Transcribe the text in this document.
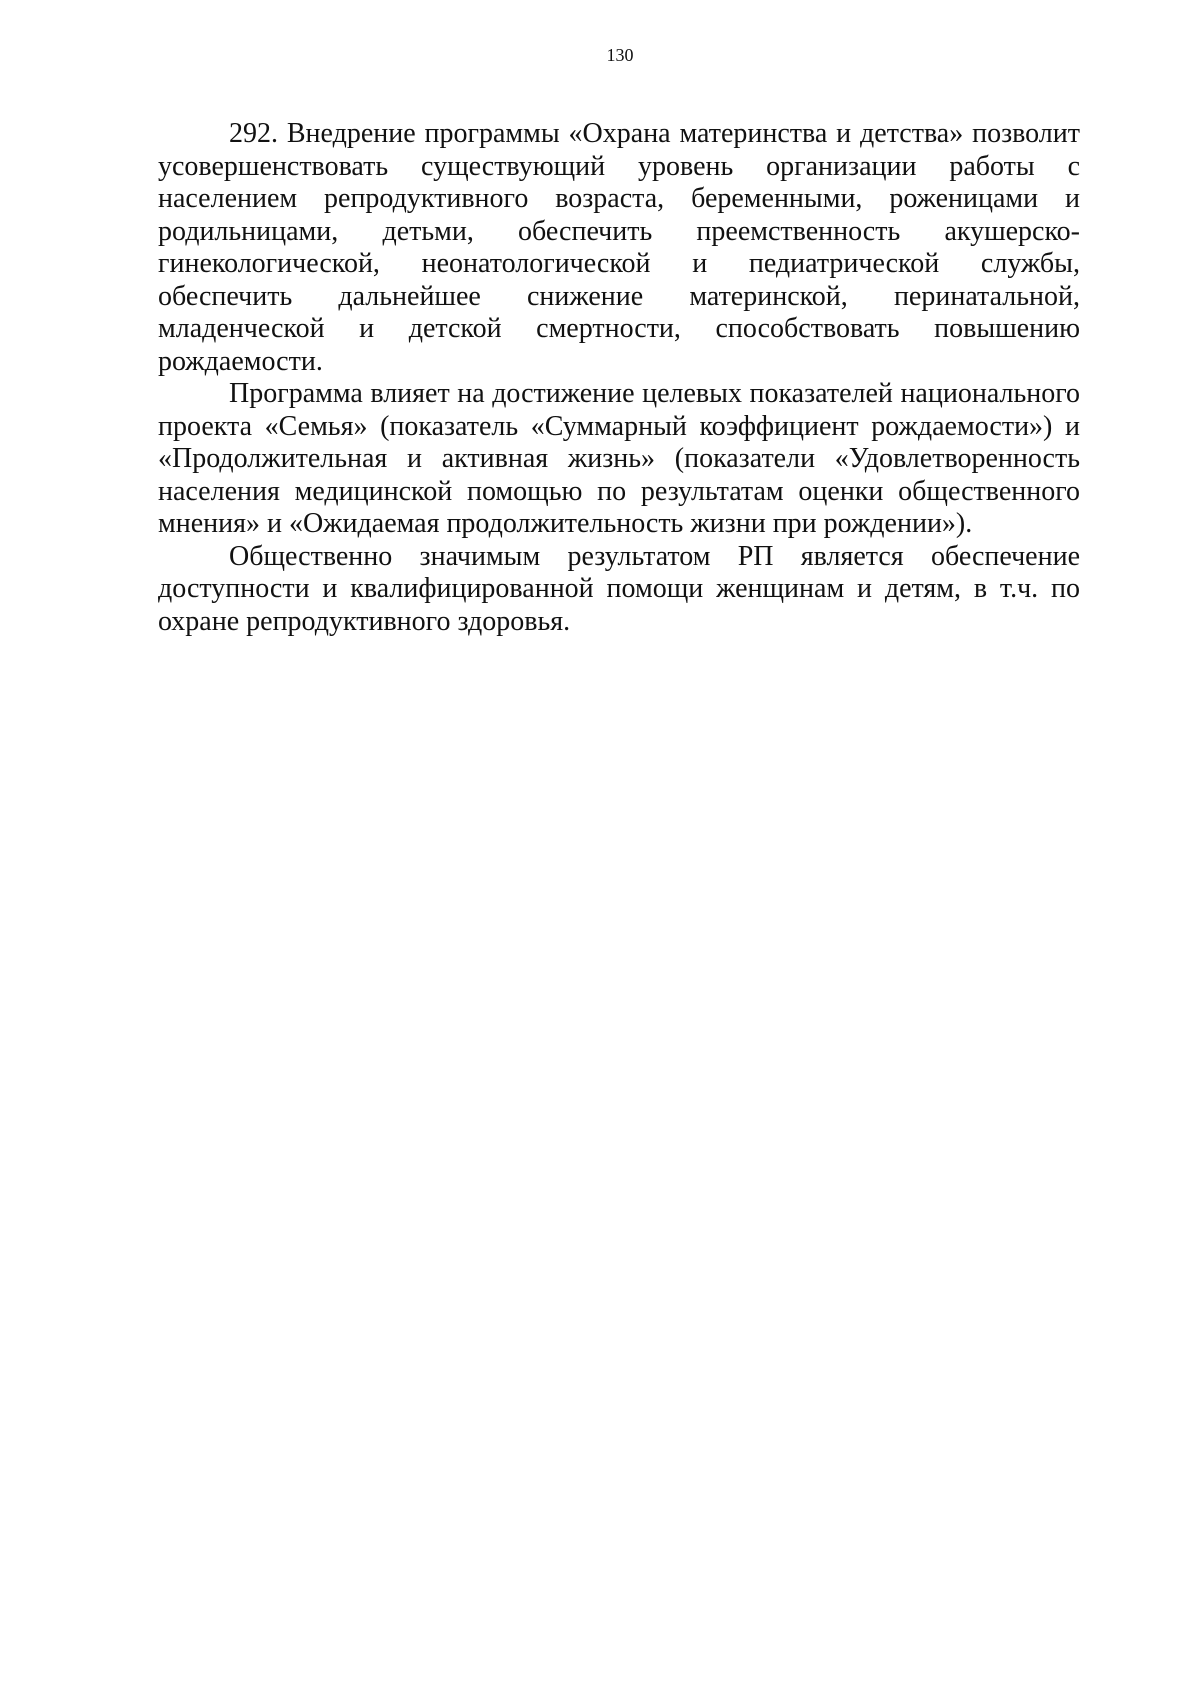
130

292. Внедрение программы «Охрана материнства и детства» позволит усовершенствовать существующий уровень организации работы с населением репродуктивного возраста, беременными, роженицами и родильницами, детьми, обеспечить преемственность акушерско-гинекологической, неонатологической и педиатрической службы, обеспечить дальнейшее снижение материнской, перинатальной, младенческой и детской смертности, способствовать повышению рождаемости.

Программа влияет на достижение целевых показателей национального проекта «Семья» (показатель «Суммарный коэффициент рождаемости») и «Продолжительная и активная жизнь» (показатели «Удовлетворенность населения медицинской помощью по результатам оценки общественного мнения» и «Ожидаемая продолжительность жизни при рождении»).

Общественно значимым результатом РП является обеспечение доступности и квалифицированной помощи женщинам и детям, в т.ч. по охране репродуктивного здоровья.
